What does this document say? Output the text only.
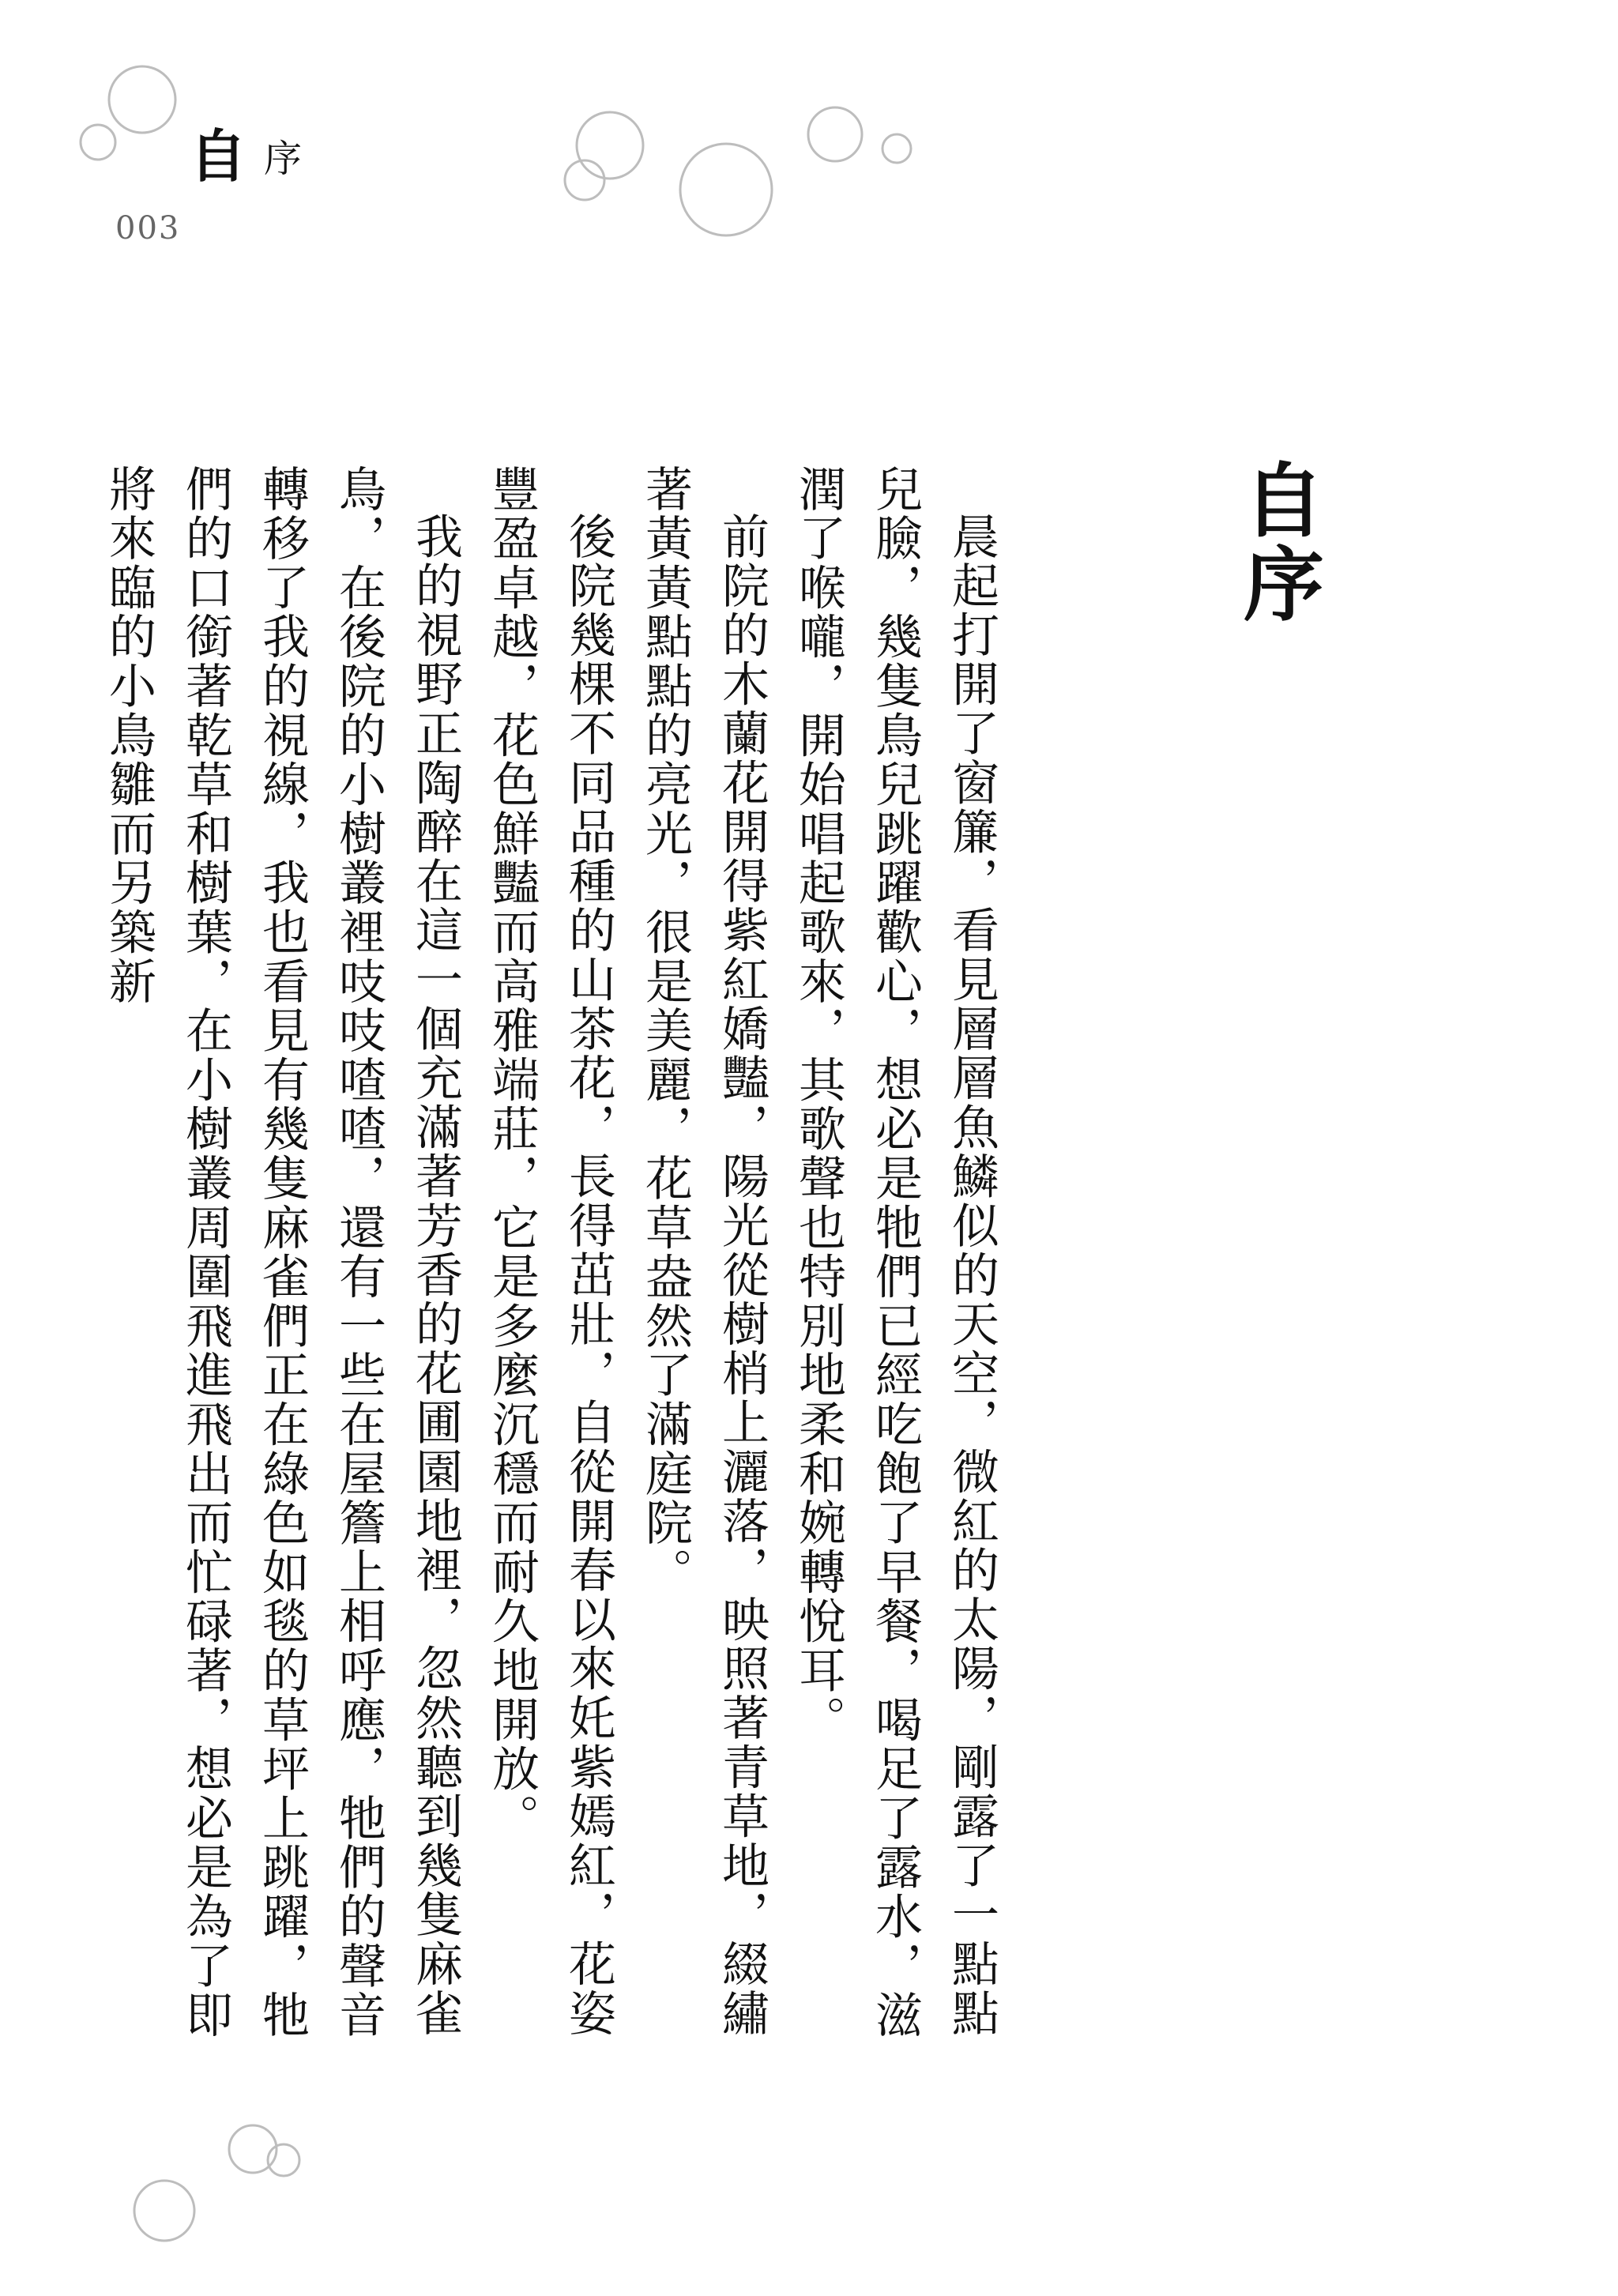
自序
003
自序

晨起打開了窗簾，看見層層魚鱗似的天空，微紅的太陽，剛露了一點點兒臉，幾隻鳥兒跳躍歡心，想必是牠們已經吃飽了早餐，喝足了露水，滋潤了喉嚨，開始唱起歌來，其歌聲也特別地柔和婉轉悅耳。

前院的木蘭花開得紫紅嬌豔，陽光從樹梢上灑落，映照著青草地，綴繡著黃黃點點的亮光，很是美麗，花草盎然了滿庭院。

後院幾棵不同品種的山茶花，長得茁壯，自從開春以來奼紫嫣紅，花姿豐盈卓越，花色鮮豔而高雅端莊，它是多麼沉穩而耐久地開放。

我的視野正陶醉在這一個充滿著芳香的花圃園地裡，忽然聽到幾隻麻雀鳥，在後院的小樹叢裡吱吱喳喳，還有一些在屋簷上相呼應，牠們的聲音轉移了我的視線，我也看見有幾隻麻雀們正在綠色如毯的草坪上跳躍，牠們的口銜著乾草和樹葉，在小樹叢周圍飛進飛出而忙碌著，想必是為了即將來臨的小鳥雛而另築新
